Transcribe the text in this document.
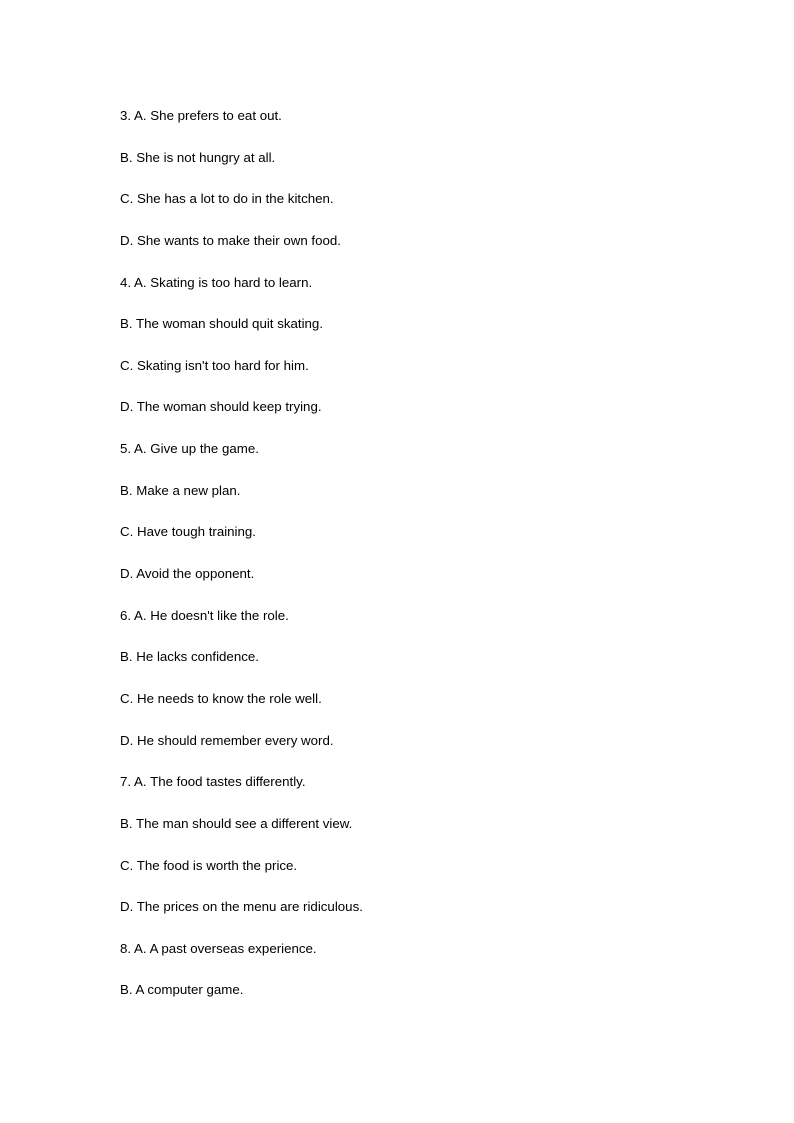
3. A. She prefers to eat out.
B. She is not hungry at all.
C. She has a lot to do in the kitchen.
D. She wants to make their own food.
4. A. Skating is too hard to learn.
B. The woman should quit skating.
C. Skating isn't too hard for him.
D. The woman should keep trying.
5. A. Give up the game.
B. Make a new plan.
C. Have tough training.
D. Avoid the opponent.
6. A. He doesn't like the role.
B. He lacks confidence.
C. He needs to know the role well.
D. He should remember every word.
7. A. The food tastes differently.
B. The man should see a different view.
C. The food is worth the price.
D. The prices on the menu are ridiculous.
8. A. A past overseas experience.
B. A computer game.
